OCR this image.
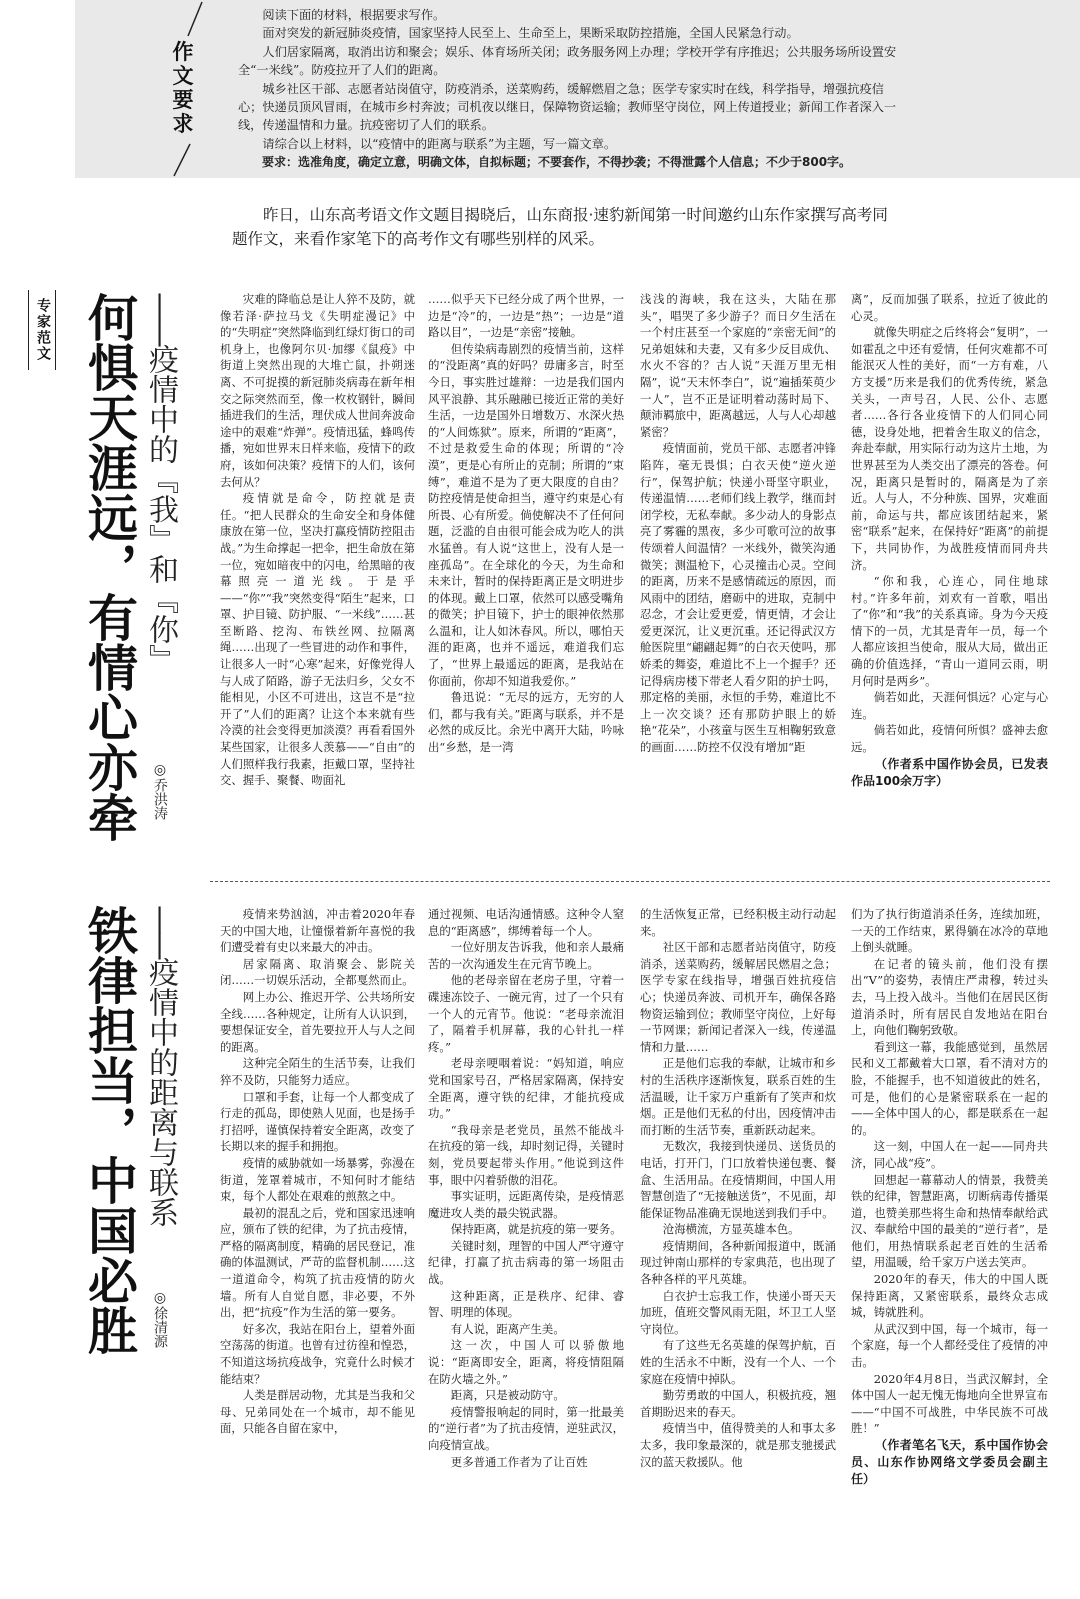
作文要求

阅读下面的材料，根据要求写作。

面对突发的新冠肺炎疫情，国家坚持人民至上、生命至上，果断采取防控措施，全国人民紧急行动。

人们居家隔离，取消出访和聚会；娱乐、体育场所关闭；政务服务网上办理；学校开学有序推迟；公共服务场所设置安全“一米线”。防疫拉开了人们的距离。

城乡社区干部、志愿者站岗值守，防疫消杀，送菜购药，缓解燃眉之急；医学专家实时在线，科学指导，增强抗疫信心；快递员顶风冒雨，在城市乡村奔波；司机夜以继日，保障物资运输；教师坚守岗位，网上传道授业；新闻工作者深入一线，传递温情和力量。抗疫密切了人们的联系。

请综合以上材料，以“疫情中的距离与联系”为主题，写一篇文章。

要求：选准角度，确定立意，明确文体，自拟标题；不要套作，不得抄袭；不得泄露个人信息；不少于800字。

昨日，山东高考语文作文题目揭晓后，山东商报·速豹新闻第一时间邀约山东作家撰写高考同题作文，来看作家笔下的高考作文有哪些别样的风采。
专家范文 何惧天涯远，有情心亦牵 ——疫情中的『我』和『你』
◎乔洪涛

灾难的降临总是让人猝不及防，就像若泽·萨拉马戈《失明症漫记》中的“失明症”突然降临到红绿灯街口的司机身上，也像阿尔贝·加缪《鼠疫》中街道上突然出现的大堆亡鼠，扑朔迷离、不可捉摸的新冠肺炎病毒在新年相交之际突然而至，像一枚枚钢针，瞬间插进我们的生活，理伏成人世间奔波命途中的艰难“炸弹”。疫情迅猛，蜂鸣传播，宛如世界末日样来临，疫情下的政府，该如何决策？疫情下的人们，该何去何从？

疫情就是命令，防控就是责任。“把人民群众的生命安全和身体健康放在第一位，坚决打赢疫情防控阻击战。”为生命撑起一把伞，把生命放在第一位，宛如暗夜中的闪电，给黑暗的夜幕照亮一道光线。于是乎——“你”“我”突然变得“陌生”起来，口罩、护目镜、防护服、“一米线”……甚至断路、挖沟、布铁丝网、拉隔离绳……出现了一些冒进的动作和事件，让很多人一时“心寒”起来，好像党得人与人成了陌路，游子无法归乡，父女不能相见，小区不可进出，这岂不是“拉开了”人们的距离？让这个本来就有些冷漠的社会变得更加淡漠？再看看国外某些国家，让很多人羡慕——“自由”的人们照样我行我素，拒戴口罩，坚持社交、握手、聚餐、吻面礼

……似乎天下已经分成了两个世界，一边是“冷”的，一边是“热”；一边是“道路以目”，一边是“亲密”接触。

但传染病毒剧烈的疫情当前，这样的“没距离”真的好吗？毋庸多言，时至今日，事实胜过雄辩：一边是我们国内风平浪静、其乐融融已接近正常的美好生活，一边是国外日增数万、水深火热的“人间炼狱”。原来，所谓的“距离”，不过是救爱生命的体现；所谓的“冷漠”，更是心有所止的克制；所谓的“束缚”，难道不是为了更大限度的自由？防控疫情是使命担当，遵守约束是心有所畏、心有所爱。倘使解决不了任何问题，泛滥的自由很可能会成为吃人的洪水猛兽。有人说“这世上，没有人是一座孤岛”。在全球化的今天，为生命和未来计，暂时的保持距离正是文明进步的体现。戴上口罩，依然可以感受嘴角的微笑；护目镜下，护士的眼神依然那么温和，让人如沐春风。所以，哪怕天涯的距离，也并不遥远，难道我们忘了，“世界上最遥远的距离，是我站在你面前，你却不知道我爱你。”

鲁迅说：“无尽的远方，无穷的人们，都与我有关。”距离与联系，并不是必然的成反比。余光中离开大陆，吟咏出“乡愁，是一湾

浅浅的海峡，我在这头，大陆在那头”，唱哭了多少游子？而日夕生活在一个村庄甚至一个家庭的“亲密无间”的兄弟姐妹和夫妻，又有多少反目成仇、水火不容的？古人说“天涯万里无相隔”，说“天末怀李白”，说“遍插茱萸少一人”，岂不正是证明着动荡时局下、颠沛羁旅中，距离越远，人与人心却越紧密？

疫情面前，党员干部、志愿者冲锋陷阵，毫无畏惧；白衣天使“逆火逆行”，保驾护航；快递小哥坚守职业，传递温情……老师们线上教学，继而封闭学校，无私奉献。多少动人的身影点亮了雾霾的黑夜，多少可歌可泣的故事传颂着人间温情？一米线外，微笑沟通微笑；测温枪下，心灵撞击心灵。空间的距离，历来不是感情疏远的原因，而风雨中的团结，磨砺中的进取，克制中忍念，才会让爱更爱，情更情，才会让爱更深沉，让义更沉重。还记得武汉方舱医院里“翩翩起舞”的白衣天使吗，那娇柔的舞姿，难道比不上一个握手？还记得病房楼下带老人看夕阳的护士吗，那定格的美丽，永恒的手势，难道比不上一次交谈？还有那防护眼上的娇艳“花朵”，小孩童与医生互相鞠躬致意的画面……防控不仅没有增加“距

离”，反而加强了联系，拉近了彼此的心灵。

就像失明症之后终将会“复明”，一如霍乱之中还有爱情，任何灾难都不可能泯灭人性的美好，而“一方有难，八方支援”历来是我们的优秀传统，紧急关头，一声号召，人民、公仆、志愿者……各行各业疫情下的人们同心同德，设身处地，把着舍生取义的信念，奔赴奉献，用实际行动为这片土地，为世界甚至为人类交出了漂亮的答卷。何况，距离只是暂时的，隔离是为了亲近。人与人，不分种族、国界，灾难面前，命运与共，都应该团结起来，紧密“联系”起来，在保持好“距离”的前提下，共同协作，为战胜疫情而同舟共济。

“你和我，心连心，同住地球村。”许多年前，刘欢有一首歌，唱出了“你”和“我”的关系真谛。身为今天疫情下的一员，尤其是青年一员，每一个人都应该担当使命，服从大局，做出正确的价值选择，“青山一道同云雨，明月何时是两乡”。

倘若如此，天涯何惧远？心定与心连。

倘若如此，疫情何所惧？盛神去愈远。

（作者系中国作协会员，已发表作品100余万字）

铁律担当，中国必胜 ——疫情中的距离与联系
◎徐清源

疫情来势汹汹，冲击着2020年春天的中国大地，让憧憬着新年喜悦的我们遭受着有史以来最大的冲击。

居家隔离、取消聚会、影院关闭……一切娱乐活动，全都戛然而止。

网上办公、推迟开学、公共场所安全线……各种规定，让所有人认识到，要想保证安全，首先要拉开人与人之间的距离。

这种完全陌生的生活节奏，让我们猝不及防，只能努力适应。

口罩和手套，让每一个人都变成了行走的孤岛，即使熟人见面，也是扬手打招呼，谨慎保持着安全距离，改变了长期以来的握手和拥抱。

疫情的威胁就如一场暴雾，弥漫在街道，笼罩着城市，不知何时才能结束，每个人都处在艰难的煎熬之中。

最初的混乱之后，党和国家迅速响应，颁布了铁的纪律，为了抗击疫情，严格的隔离制度，精确的居民登记，准确的体温测试，严苛的监督机制……这一道道命令，构筑了抗击疫情的防火墙。所有人自觉自愿，非必要，不外出，把“抗疫”作为生活的第一要务。

好多次，我站在阳台上，望着外面空荡荡的街道。也曾有过彷徨和惶恐，不知道这场抗疫战争，究竟什么时候才能结束？

人类是群居动物，尤其是当我和父母、兄弟同处在一个城市，却不能见面，只能各自留在家中，

通过视频、电话沟通情感。这种令人窒息的“距离感”，绑缚着每一个人。

一位好朋友告诉我，他和亲人最痛苦的一次沟通发生在元宵节晚上。

他的老母亲留在老房子里，守着一碟速冻饺子、一碗元宵，过了一个只有一个人的元宵节。他说：“老母亲流泪了，隔着手机屏幕，我的心针扎一样疼。”

老母亲哽咽着说：“妈知道，响应党和国家号召，严格居家隔离，保持安全距离，遵守铁的纪律，才能抗疫成功。”

“我母亲是老党员，虽然不能战斗在抗疫的第一线，却时刻记得，关键时刻，党员要起带头作用。”他说到这件事，眼中闪着骄傲的泪花。

事实证明，远距离传染，是疫情恶魔进攻人类的最尖锐武器。

保持距离，就是抗疫的第一要务。

关键时刻，理智的中国人严守遵守纪律，打赢了抗击病毒的第一场阻击战。

这种距离，正是秩序、纪律、睿智、明理的体现。

有人说，距离产生美。

这一次，中国人可以骄傲地说：“距离即安全，距离，将疫情阻隔在防火墙之外。”

距离，只是被动防守。

疫情警报响起的同时，第一批最美的“逆行者”为了抗击疫情，逆驻武汉，向疫情宣战。

更多普通工作者为了让百姓

的生活恢复正常，已经积极主动行动起来。

社区干部和志愿者站岗值守，防疫消杀，送菜购药，缓解居民燃眉之急；医学专家在线指导，增强百姓抗疫信心；快递员奔波、司机开车，确保各路物资运输到位；教师坚守岗位，上好每一节网课；新闻记者深入一线，传递温情和力量……

正是他们忘我的奉献，让城市和乡村的生活秩序逐渐恢复，联系百姓的生活温暖，让千家万户重新有了笑声和炊烟。正是他们无私的付出，因疫情冲击而打断的生活节奏，重新跃动起来。

无数次，我接到快递员、送货员的电话，打开门，门口放着快递包裹、餐盒、生活用品。在疫情期间，中国人用智慧创造了“无接触送货”，不见面，却能保证物品准确无误地送到我们手中。

沧海横流，方显英雄本色。

疫情期间，各种新闻报道中，既涌现过钟南山那样的专家典范，也出现了各种各样的平凡英雄。

白衣护士忘我工作，快递小哥天天加班，值班交警风雨无阻，坏卫工人坚守岗位。

有了这些无名英雄的保驾护航，百姓的生活永不中断，没有一个人、一个家庭在疫情中掉队。

勤劳勇敢的中国人，积极抗疫，翘首期盼迟来的春天。

疫情当中，值得赞美的人和事太多太多，我印象最深的，就是那支驰援武汉的蓝天救援队。他

们为了执行街道消杀任务，连续加班，一天的工作结束，累得躺在冰冷的草地上倒头就睡。

在记者的镜头前，他们没有摆出“V”的姿势，表情庄严肃穆，转过头去，马上投入战斗。当他们在居民区街道消杀时，所有居民自发地站在阳台上，向他们鞠躬致敬。

看到这一幕，我能感觉到，虽然居民和义工都戴着大口罩，看不清对方的脸，不能握手，也不知道彼此的姓名，可是，他们的心是紧密联系在一起的——全体中国人的心，都是联系在一起的。

这一刻，中国人在一起——同舟共济，同心战“疫”。

回想起一幕幕动人的情景，我赞美铁的纪律，智慧距离，切断病毒传播渠道，也赞美那些将生命和热情奉献给武汉、奉献给中国的最美的“逆行者”，是他们，用热情联系起老百姓的生活希望，用温暖，给千家万户送去笑声。

2020年的春天，伟大的中国人既保持距离，又紧密联系，最终众志成城，铸就胜利。

从武汉到中国，每一个城市，每一个家庭，每一个人都经受住了疫情的冲击。

2020年4月8日，当武汉解封，全体中国人一起无愧无悔地向全世界宣布——“中国不可战胜，中华民族不可战胜！”

（作者笔名飞天，系中国作协会员、山东作协网络文学委员会副主任）
